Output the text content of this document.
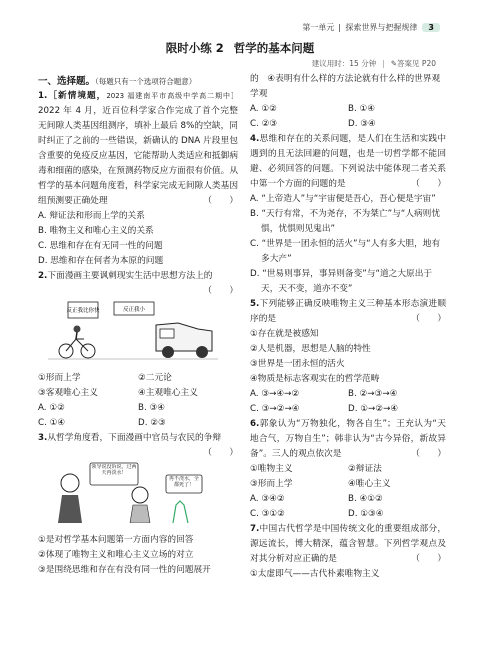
第一单元 探索世界与把握规律	3
限时小练 2 哲学的基本问题
建议用时：15 分钟 | ✎答案见 P20
一、选择题。（每题只有一个选项符合题意）
1.［新情境题，2023 福建南平市高级中学高二期中］2022 年 4 月，近百位科学家合作完成了首个完整无间隙人类基因组测序，填补上最后 8%的空缺，同时纠正了之前的一些错误，新确认的 DNA 片段里包含重要的免疫反应基因，它能帮助人类适应和抵御病毒和细菌的感染，在预测药物反应方面很有价值。从哲学的基本问题角度看，科学家完成无间隙人类基因组预测要正确处理	（　　）
A. 辩证法和形而上学的关系
B. 唯物主义和唯心主义的关系
C. 思维和存在有无同一性的问题
D. 思维和存在何者为本原的问题
2.下面漫画主要讽刺现实生活中思想方法上的
（　　）
反正我比你快	反正我小
①形而上学	②二元论
③客观唯心主义	④主观唯心主义
A. ①②	B. ③④
C. ①④	D. ②③
3.从哲学角度看，下面漫画中官员与农民的争辩
（　　）
领导说没诉说，过两天再淡水！
再不浇水，全都死了！
①是对哲学基本问题第一方面内容的回答
②体现了唯物主义和唯心主义立场的对立
③是围绕思维和存在有没有同一性的问题展开
的　④表明有什么样的方法论就有什么样的世界观
学观
A. ①②	B. ①④
C. ②③	D. ③④
4.思维和存在的关系问题，是人们在生活和实践中遇到的且无法回避的问题，也是一切哲学都不能回避、必须回答的问题。下列说法中能体现二者关系中第一个方面的问题的是	（　　）
A. “上帝造人”与“宇宙便是吾心，吾心便是宇宙”
B. “天行有常，不为尧存，不为桀亡”与“人病则忧惧，忧惧则见鬼出”
C. “世界是一团永恒的活火”与“人有多大胆，地有多大产”
D. “世易则事异，事异则备变”与“道之大原出于天，天不变，道亦不变”
5.下列能够正确反映唯物主义三种基本形态演进顺序的是	（　　）
①存在就是被感知
②人是机器，思想是人脑的特性
③世界是一团永恒的活火
④物质是标志客观实在的哲学范畴
A. ③→④→②	B. ②→③→④
C. ③→②→④	D. ①→②→④
6.郭象认为“万物独化，物各自生”；王充认为“天地合气，万物自生”；韩非认为“古今异俗，新故异备”。三人的观点依次是	（　　）
①唯物主义	②辩证法
③形而上学	④唯心主义
A. ③④②	B. ④①②
C. ③①②	D. ①③④
7.中国古代哲学是中国传统文化的重要组成部分，源远流长，博大精深，蕴含智慧。下列哲学观点及对其分析对应正确的是	（　　）
①太虚即气——古代朴素唯物主义
